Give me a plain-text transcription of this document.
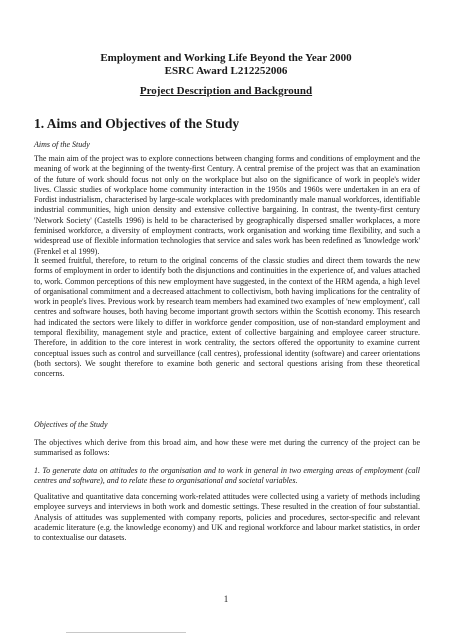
Employment and Working Life Beyond the Year 2000
ESRC Award L212252006
Project Description and Background
1. Aims and Objectives of the Study
Aims of the Study
The main aim of the project was to explore connections between changing forms and conditions of employment and the meaning of work at the beginning of the twenty-first Century. A central premise of the project was that an examination of the future of work should focus not only on the workplace but also on the significance of work in people's wider lives. Classic studies of workplace home community interaction in the 1950s and 1960s were undertaken in an era of Fordist industrialism, characterised by large-scale workplaces with predominantly male manual workforces, identifiable industrial communities, high union density and extensive collective bargaining. In contrast, the twenty-first century 'Network Society' (Castells 1996) is held to be characterised by geographically dispersed smaller workplaces, a more feminised workforce, a diversity of employment contracts, work organisation and working time flexibility, and such a widespread use of flexible information technologies that service and sales work has been redefined as 'knowledge work' (Frenkel et al 1999).
It seemed fruitful, therefore, to return to the original concerns of the classic studies and direct them towards the new forms of employment in order to identify both the disjunctions and continuities in the experience of, and values attached to, work. Common perceptions of this new employment have suggested, in the context of the HRM agenda, a high level of organisational commitment and a decreased attachment to collectivism, both having implications for the centrality of work in people's lives. Previous work by research team members had examined two examples of 'new employment', call centres and software houses, both having become important growth sectors within the Scottish economy. This research had indicated the sectors were likely to differ in workforce gender composition, use of non-standard employment and temporal flexibility, management style and practice, extent of collective bargaining and employee career structure. Therefore, in addition to the core interest in work centrality, the sectors offered the opportunity to examine current conceptual issues such as control and surveillance (call centres), professional identity (software) and career orientations (both sectors). We sought therefore to examine both generic and sectoral questions arising from these theoretical concerns.
Objectives of the Study
The objectives which derive from this broad aim, and how these were met during the currency of the project can be summarised as follows:
1. To generate data on attitudes to the organisation and to work in general in two emerging areas of employment (call centres and software), and to relate these to organisational and societal variables.
Qualitative and quantitative data concerning work-related attitudes were collected using a variety of methods including employee surveys and interviews in both work and domestic settings. These resulted in the creation of four substantial. Analysis of attitudes was supplemented with company reports, policies and procedures, sector-specific and relevant academic literature (e.g. the knowledge economy) and UK and regional workforce and labour market statistics, in order to contextualise our datasets.
1
